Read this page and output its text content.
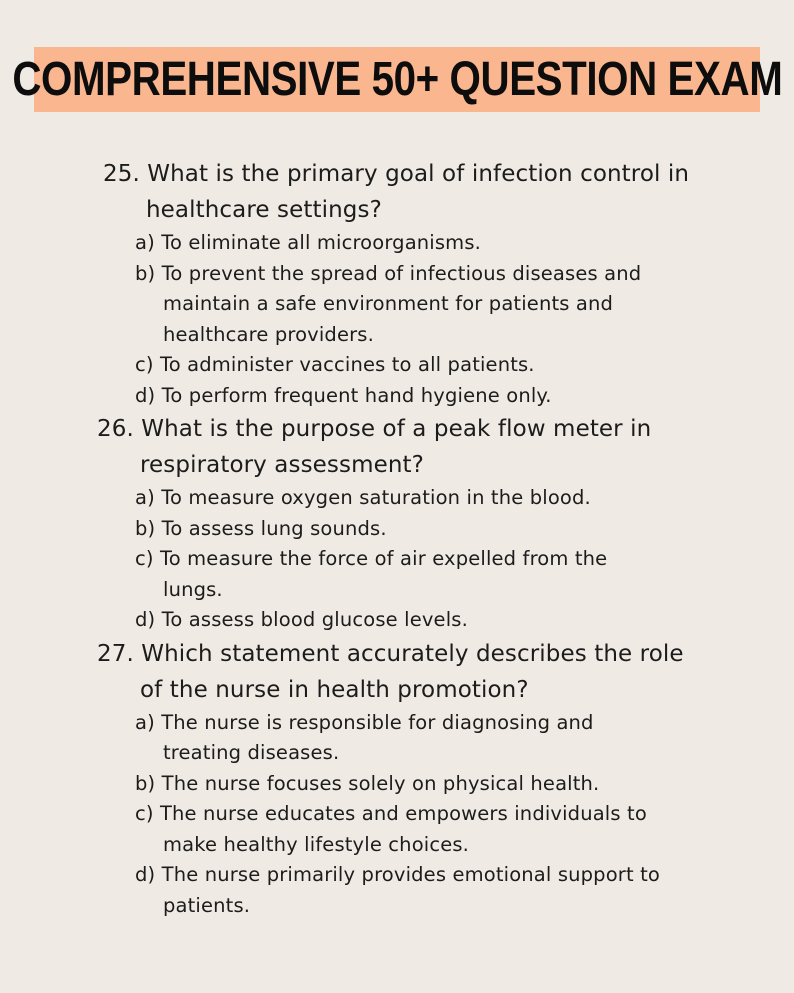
COMPREHENSIVE 50+ QUESTION EXAM
25. What is the primary goal of infection control in
healthcare settings?
a) To eliminate all microorganisms.
b) To prevent the spread of infectious diseases and
maintain a safe environment for patients and
healthcare providers.
c) To administer vaccines to all patients.
d) To perform frequent hand hygiene only.
26. What is the purpose of a peak flow meter in
respiratory assessment?
a) To measure oxygen saturation in the blood.
b) To assess lung sounds.
c) To measure the force of air expelled from the
lungs.
d) To assess blood glucose levels.
27. Which statement accurately describes the role
of the nurse in health promotion?
a) The nurse is responsible for diagnosing and
treating diseases.
b) The nurse focuses solely on physical health.
c) The nurse educates and empowers individuals to
make healthy lifestyle choices.
d) The nurse primarily provides emotional support to
patients.
